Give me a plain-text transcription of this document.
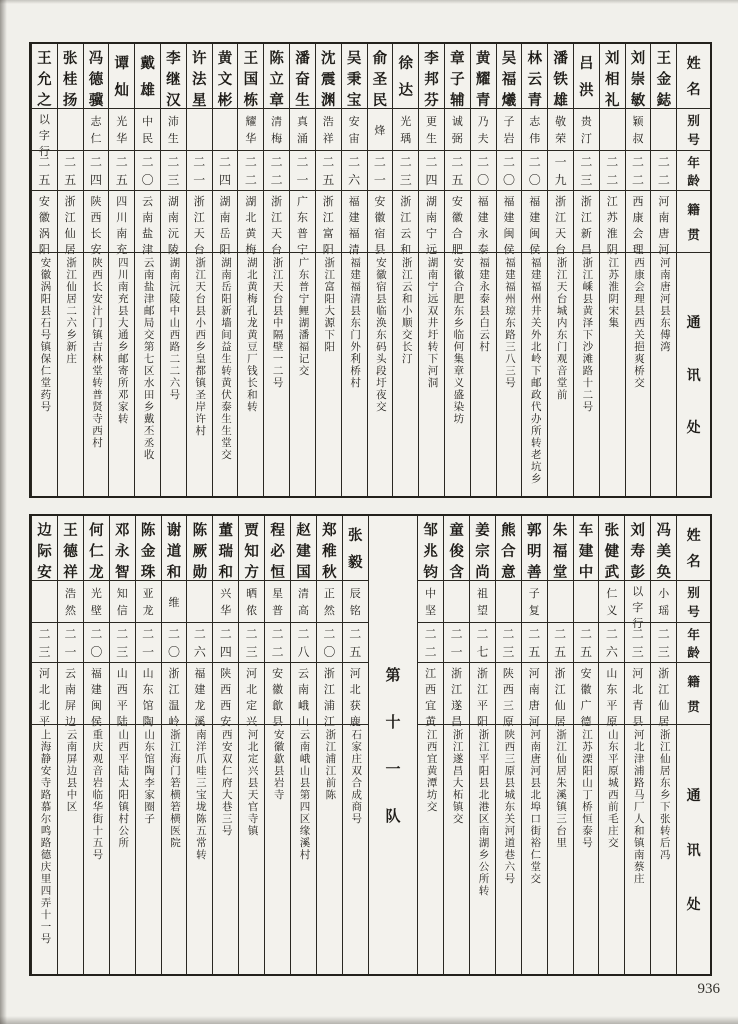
姓
名
别
号
年
龄
籍
贯
通
讯
处
王
金
鋕
二
二
河
南
唐
河
河南唐河县东傅湾
刘
崇
敏
颖
叔
二
二
西
康
会
理
西康会理县西关挹爽桥交
刘
相
礼
二
二
江
苏
淮
阴
江苏淮阴宋集
吕
洪
贵
汀
二
三
浙
江
新
昌
浙江嵊县黄泽下沙滩路十二号
潘
铁
雄
敬
荣
一
九
浙
江
天
台
浙江天台城内东门观音堂前
林
云
青
志
伟
二
〇
福
建
闽
侯
福建福州井关外北岭下邮政代办所转老坑乡
吴
福
爔
子
岩
二
〇
福
建
闽
侯
福建福州琼东路三八三号
黄
耀
青
乃
夫
二
〇
福
建
永
泰
福建永泰县白云村
章
子
辅
诚
弼
二
五
安
徽
合
肥
安徽合肥东乡临何集章义盛染坊
李
邦
芬
更
生
二
四
湖
南
宁
远
湖南宁远双井圩转下河洞
徐
达
光
瑀
二
三
浙
江
云
和
浙江云和小顺交长汀
俞
圣
民
烽
二
一
安
徽
宿
县
安徽宿县临涣东码头段圩夜交
吴
秉
宝
安
宙
二
六
福
建
福
清
福建福清县东门外利桥村
沈
震
渊
浩
祥
二
五
浙
江
富
阳
浙江富阳大源下阳
潘
奋
生
真
涌
二
一
广
东
普
宁
广东普宁鲤湖潘福记交
陈
立
章
清
梅
二
二
浙
江
天
台
浙江天台县中隔壁一二号
王
国
栋
耀
华
二
二
湖
北
黄
梅
湖北黄梅孔龙黄豆厂钱长和转
黄
文
彬
二
四
湖
南
岳
阳
湖南岳阳新墙间益生转黄伏泰生生堂交
许
法
星
二
一
浙
江
天
台
浙江天台县小西乡皇都镇圣岸许村
李
继
汉
沛
生
二
三
湖
南
沅
陵
湖南沅陵中山西路二二六号
戴
雄
中
民
二
〇
云
南
盐
津
云南盐津邮局交第七区水田乡戴丕丞收
谭
灿
光
华
二
五
四
川
南
充
四川南充县大通乡邮寄所邓家转
冯
德
骥
志
仁
二
四
陕
西
长
安
陕西长安汁门镇吉林堂转普贤寺西村
张
桂
扬
二
五
浙
江
仙
居
浙江仙居二六乡新庄
王
允
之
以
字
行
二
五
安
徽
涡
阳
安徽涡阳县石号镇保仁堂药号
姓
名
别
号
年
龄
籍
贯
通
讯
处
冯
美
奂
小
瑶
二
三
浙
江
仙
居
浙江仙居东乡下张转后冯
刘
寿
彭
以
字
行
二
三
河
北
青
县
河北津浦路马厂人和镇南蔡庄
张
健
武
仁
义
二
六
山
东
平
原
山东平原城西前毛庄交
车
建
中
二
五
安
徽
广
德
江苏溧阳山丁桥恒泰号
朱
福
堂
二
五
浙
江
仙
居
浙江仙居朱溪镇三台里
郭
明
善
子
复
二
五
河
南
唐
河
河南唐河县北埠口街裕仁堂交
熊
合
意
二
三
陕
西
三
原
陕西三原县城东关河道巷六号
姜
宗
尚
祖
望
二
七
浙
江
平
阳
浙江平阳县北港区南湖乡公所转
童
俊
含
二
一
浙
江
遂
昌
浙江遂昌大柘镇交
邹
兆
钧
中
坚
二
二
江
西
宜
黄
江西宜黄潭坊交
第
十
一
队
张
毅
辰
铭
二
五
河
北
获
鹿
石家庄双合成商号
郑
稚
秋
正
然
二
〇
浙
江
浦
江
浙江浦江前陈
赵
建
国
清
高
二
八
云
南
峨
山
云南峨山县第四区缘溪村
程
必
恒
星
普
二
二
安
徽
歙
县
安徽歙县岩寺
贾
知
方
晒
侬
二
三
河
北
定
兴
河北定兴县天官寺镇
董
瑞
和
兴
华
二
四
陕
西
西
安
西安双仁府大巷三号
陈
厥
勋
二
六
福
建
龙
溪
南洋爪哇三宝垅陈五常转
谢
道
和
维
二
〇
浙
江
温
岭
浙江海门箬横箬横医院
陈
金
珠
亚
龙
二
一
山
东
馆
陶
山东馆陶李家圈子
邓
永
智
知
信
二
三
山
西
平
陆
山西平陆太阳镇村公所
何
仁
龙
光
壁
二
〇
福
建
闽
侯
重庆观音岩临华街十五号
王
德
祥
浩
然
二
一
云
南
屏
边
云南屏边县中区
边
际
安
二
三
河
北
北
平
上海静安寺路慕尔鸣路德庆里四弄十一号
936
